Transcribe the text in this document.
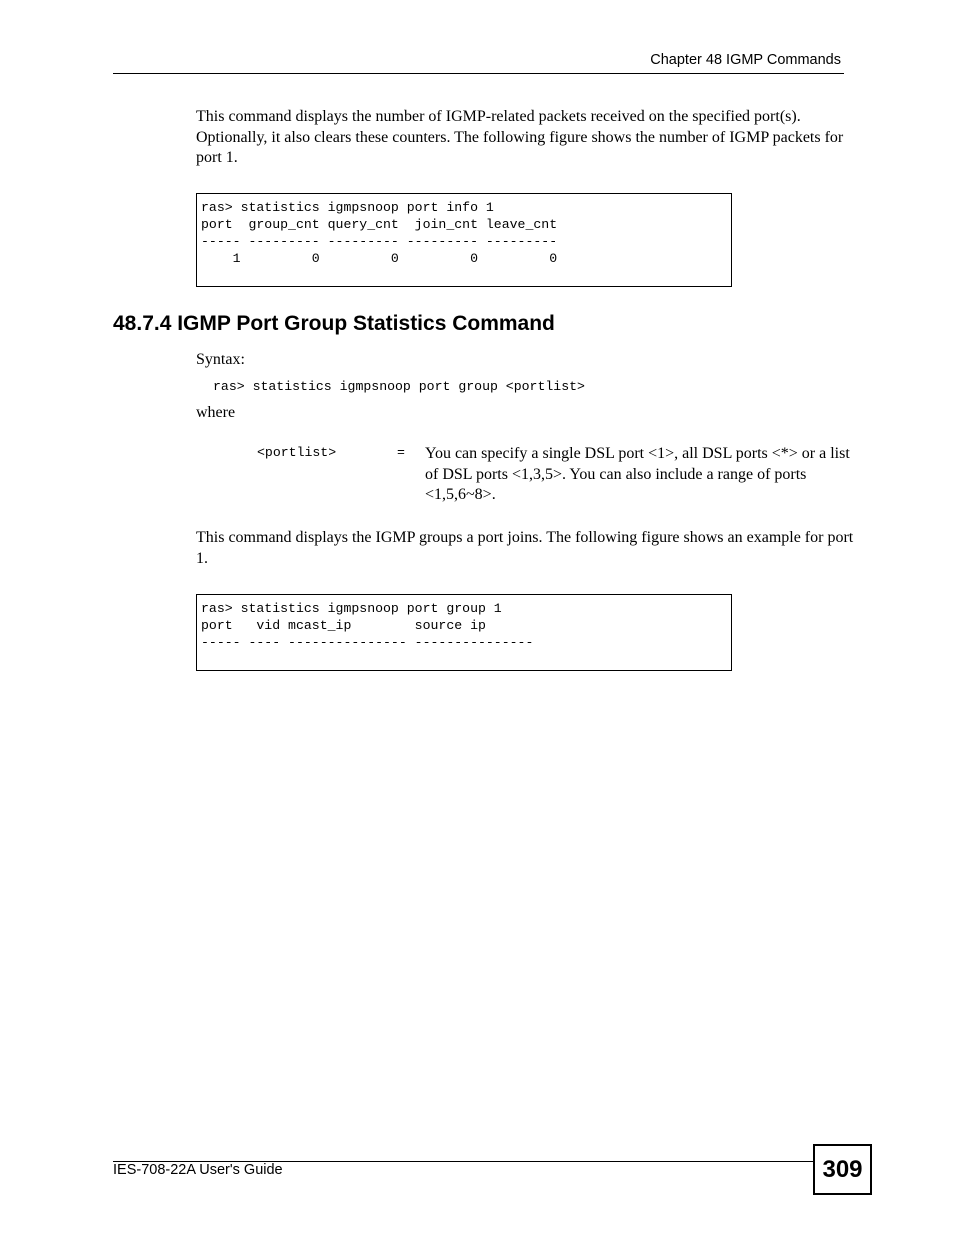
Chapter 48 IGMP Commands
This command displays the number of IGMP-related packets received on the specified port(s). Optionally, it also clears these counters. The following figure shows the number of IGMP packets for port 1.
ras> statistics igmpsnoop port info 1
port  group_cnt query_cnt  join_cnt leave_cnt
----- --------- --------- --------- ---------
1         0         0         0         0
48.7.4 IGMP Port Group Statistics Command
Syntax:
ras> statistics igmpsnoop port group <portlist>
where
<portlist>	= You can specify a single DSL port <1>, all DSL ports <*> or a list of DSL ports <1,3,5>. You can also include a range of ports <1,5,6~8>.
This command displays the IGMP groups a port joins. The following figure shows an example for port 1.
ras> statistics igmpsnoop port group 1
port   vid mcast_ip        source ip
----- ---- --------------- ---------------
IES-708-22A User's Guide	309
